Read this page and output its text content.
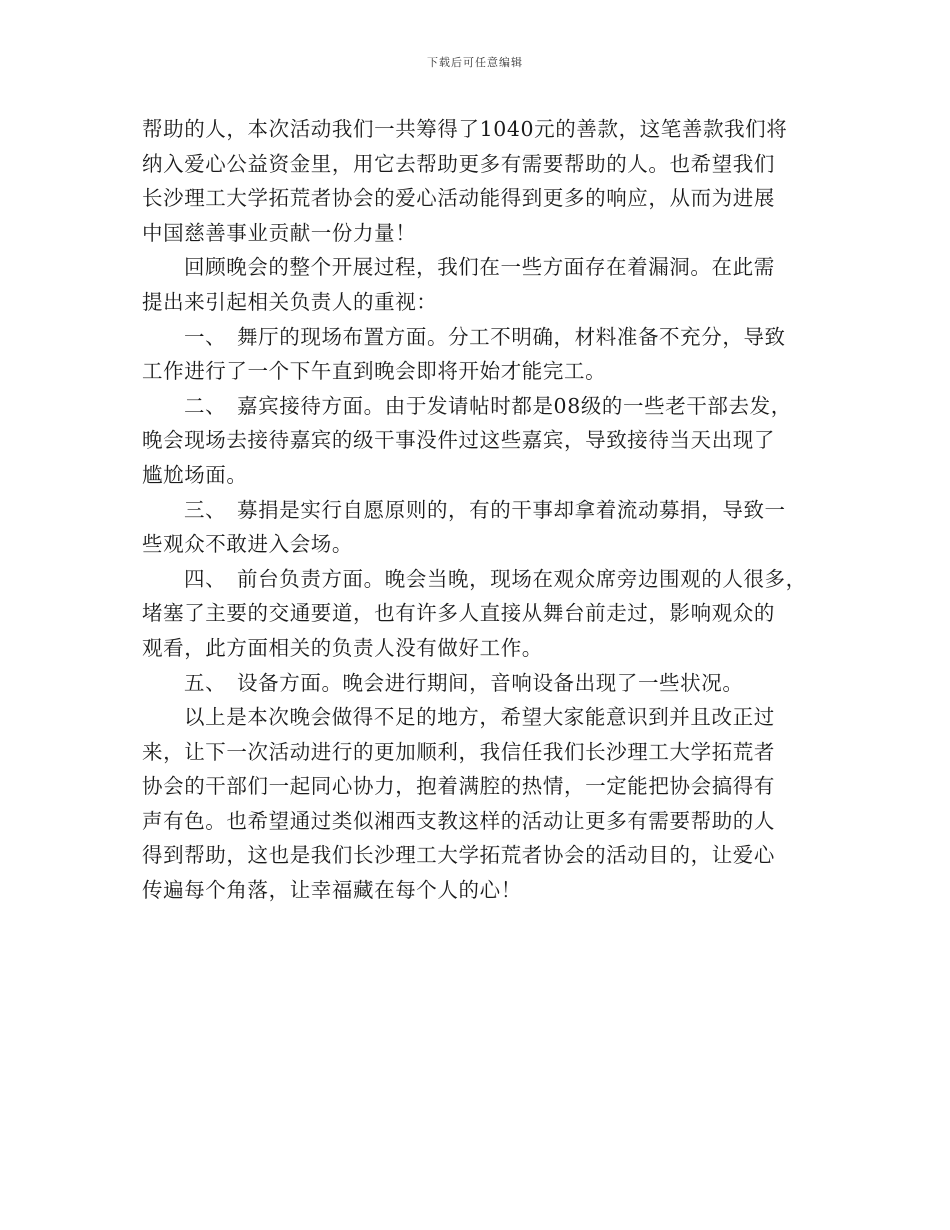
下载后可任意编辑
帮助的人，本次活动我们一共筹得了1040元的善款，这笔善款我们将
纳入爱心公益资金里，用它去帮助更多有需要帮助的人。也希望我们
长沙理工大学拓荒者协会的爱心活动能得到更多的响应，从而为进展
中国慈善事业贡献一份力量！
回顾晚会的整个开展过程，我们在一些方面存在着漏洞。在此需
提出来引起相关负责人的重视：
一、　舞厅的现场布置方面。分工不明确，材料准备不充分，导致
工作进行了一个下午直到晚会即将开始才能完工。
二、　嘉宾接待方面。由于发请帖时都是08级的一些老干部去发，
晚会现场去接待嘉宾的级干事没件过这些嘉宾，导致接待当天出现了
尴尬场面。
三、　募捐是实行自愿原则的，有的干事却拿着流动募捐，导致一
些观众不敢进入会场。
四、　前台负责方面。晚会当晚，现场在观众席旁边围观的人很多，
堵塞了主要的交通要道，也有许多人直接从舞台前走过，影响观众的
观看，此方面相关的负责人没有做好工作。
五、　设备方面。晚会进行期间，音响设备出现了一些状况。
以上是本次晚会做得不足的地方，希望大家能意识到并且改正过
来，让下一次活动进行的更加顺利，我信任我们长沙理工大学拓荒者
协会的干部们一起同心协力，抱着满腔的热情，一定能把协会搞得有
声有色。也希望通过类似湘西支教这样的活动让更多有需要帮助的人
得到帮助，这也是我们长沙理工大学拓荒者协会的活动目的，让爱心
传遍每个角落，让幸福藏在每个人的心！
